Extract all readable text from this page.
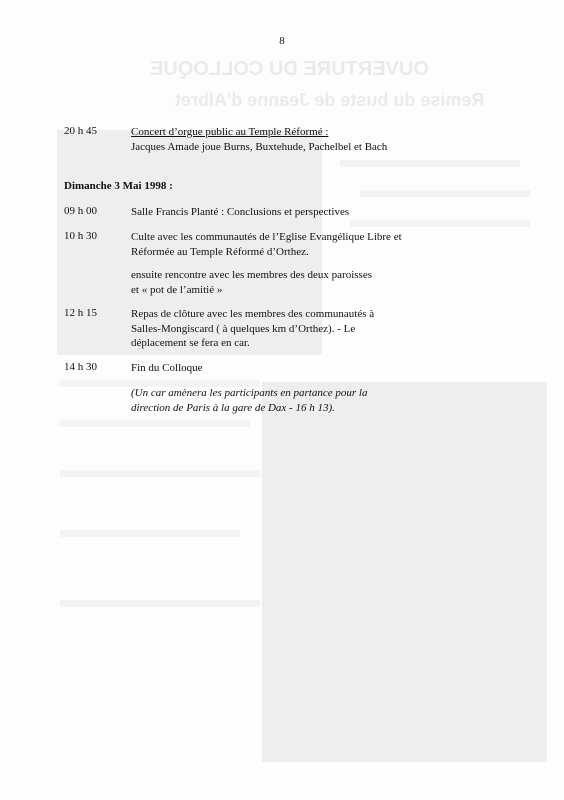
OUVERTURE DU COLLOQUE
Remise du buste de Jeanne d'Albret
8
20 h 45	Concert d’orgue public au Temple Réformé :
Jacques Amade joue Burns, Buxtehude, Pachelbel et Bach
Dimanche 3 Mai 1998 :
09 h 00	Salle Francis Planté : Conclusions et perspectives
10 h 30	Culte avec les communautés de l’Eglise Evangélique Libre et
Réformée au Temple Réformé d’Orthez.
ensuite rencontre avec les membres des deux paroisses
et « pot de l’amitié »
12 h 15	Repas de clôture avec les membres des communautés à
Salles-Mongiscard ( à quelques km d’Orthez). - Le
déplacement se fera en car.
14 h 30	Fin du Colloque
(Un car amènera les participants en partance pour la
direction de Paris à la gare de Dax - 16 h 13).
